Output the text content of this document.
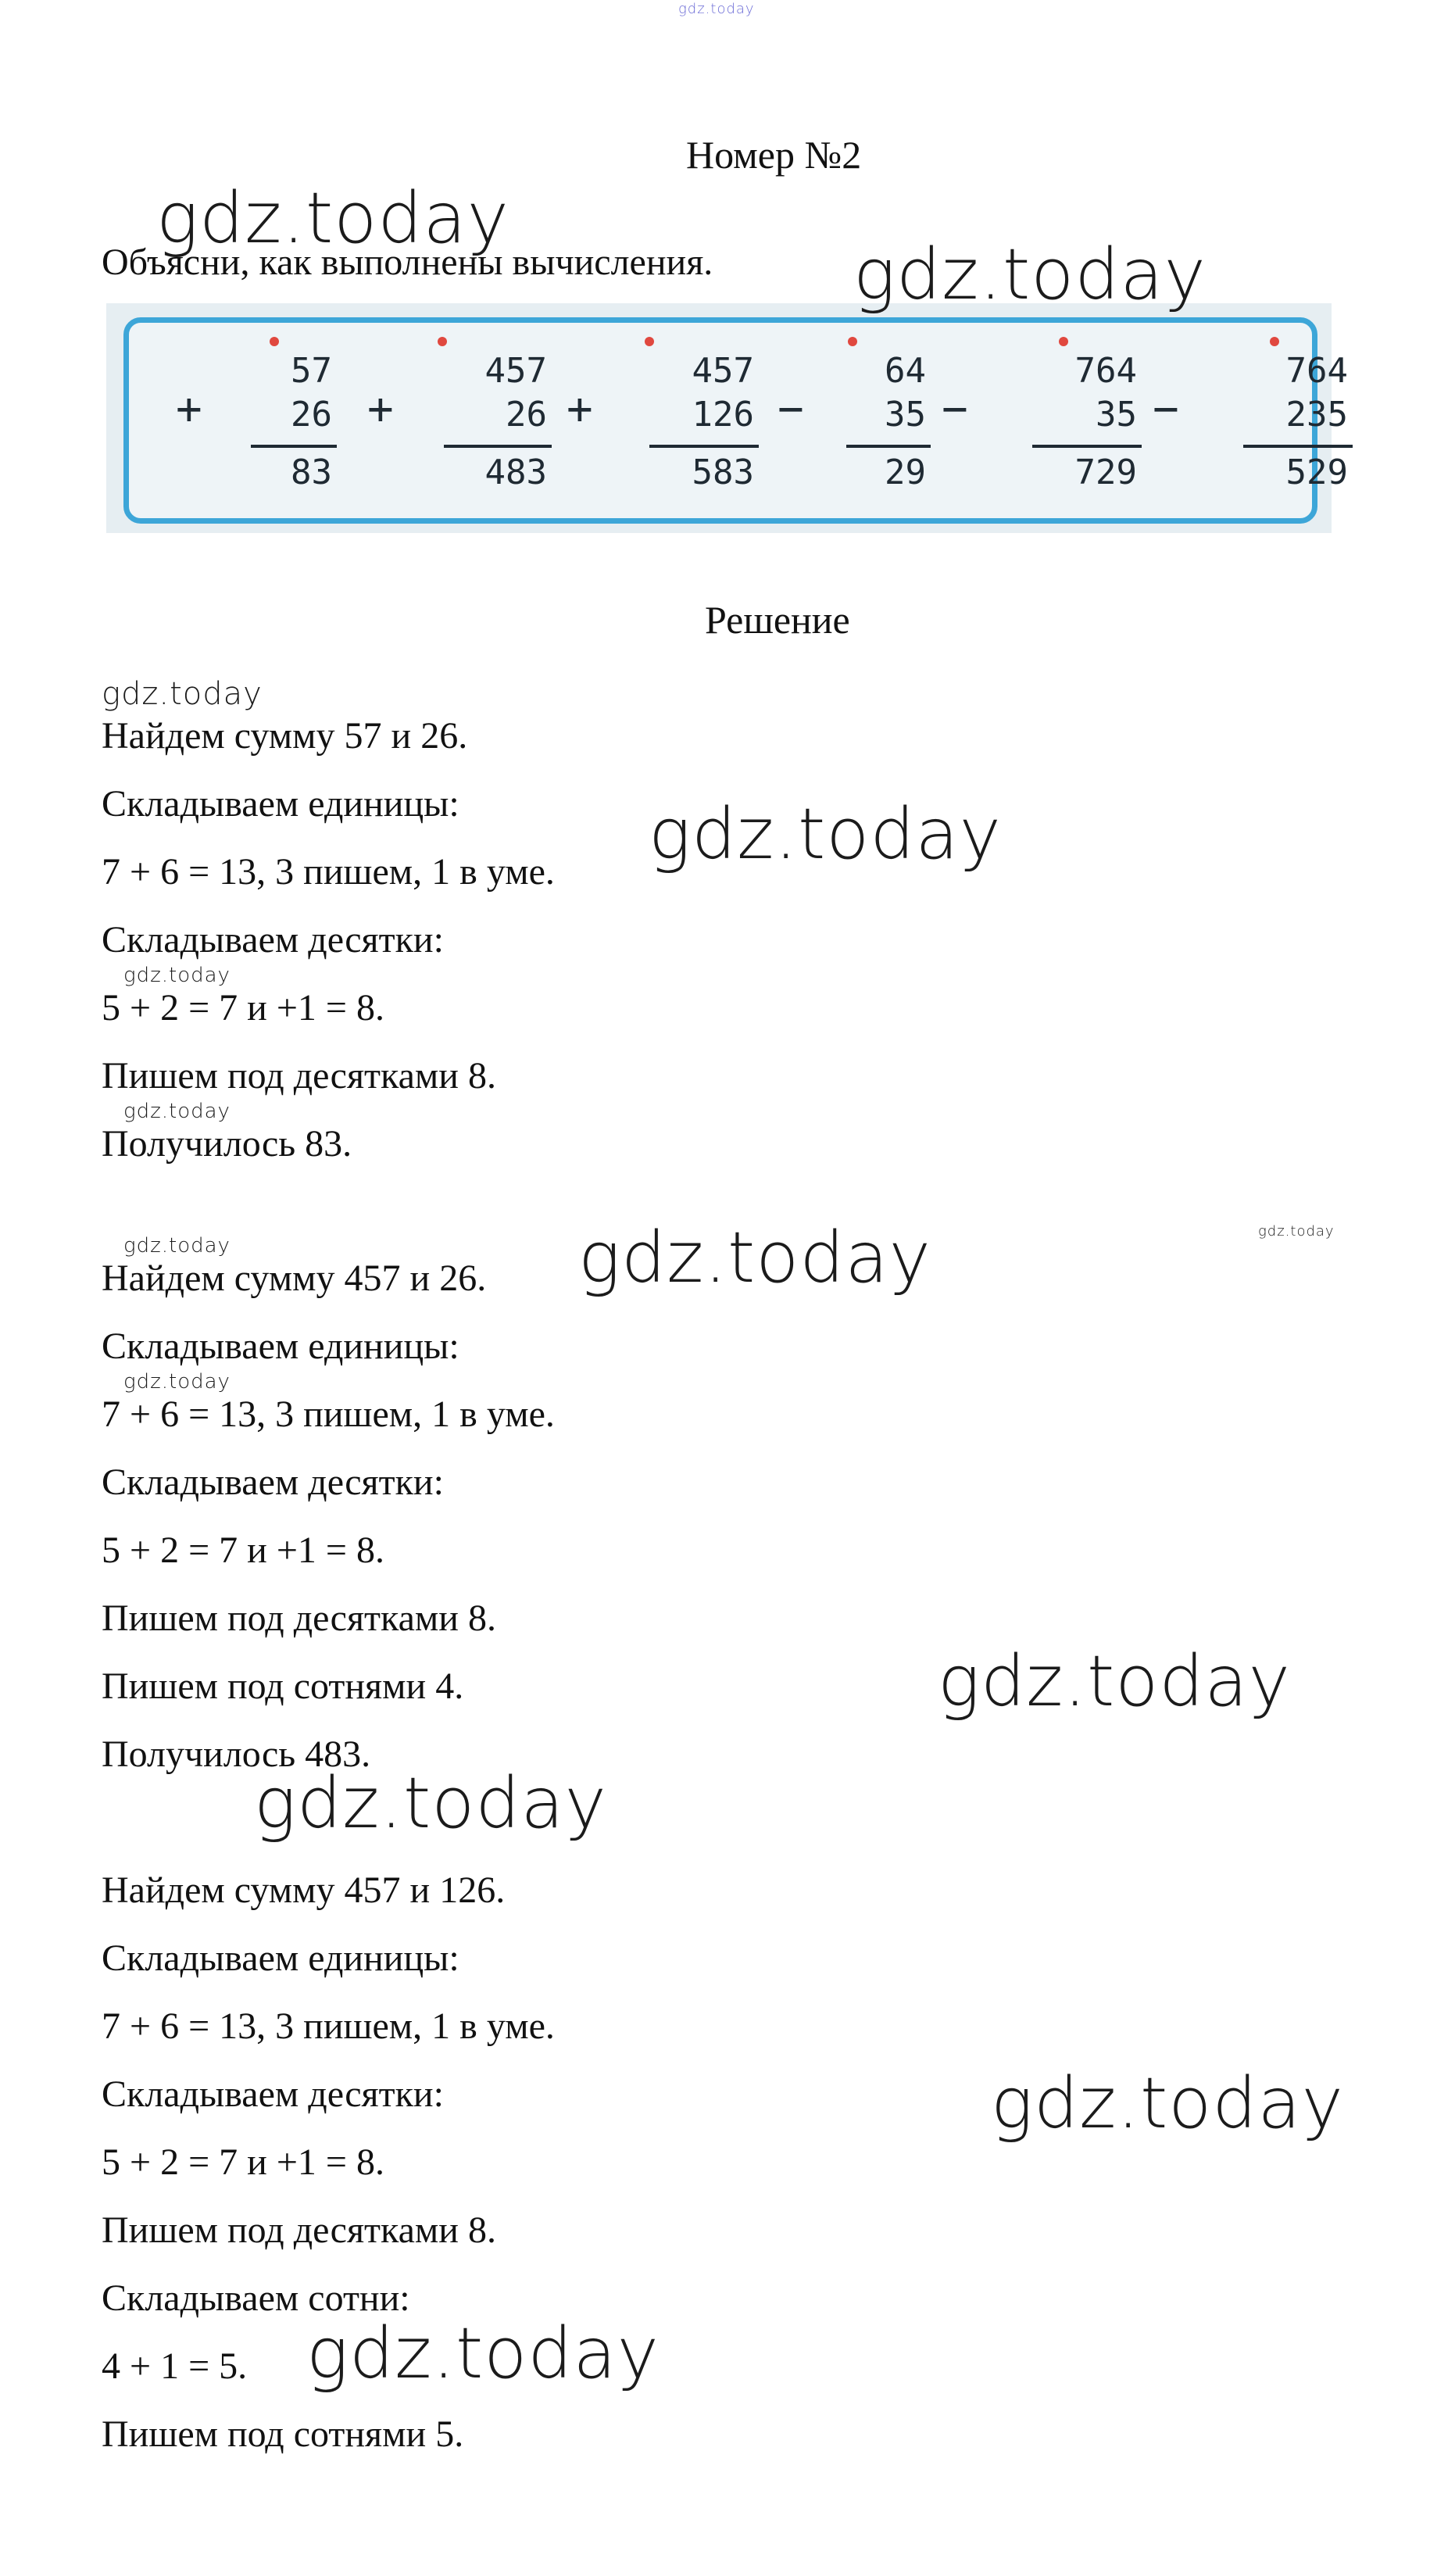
gdz.today
Номер №2
Объясни, как выполнены вычисления.
+
57
26
83
+
457
26
483
+
457
126
583
−
64
35
29
−
764
35
729
−
764
235
529
Решение
Найдем сумму 57 и 26.
Складываем единицы:
7 + 6 = 13, 3 пишем, 1 в уме.
Складываем десятки:
5 + 2 = 7 и +1 = 8.
Пишем под десятками 8.
Получилось 83.
Найдем сумму 457 и 26.
Складываем единицы:
7 + 6 = 13, 3 пишем, 1 в уме.
Складываем десятки:
5 + 2 = 7 и +1 = 8.
Пишем под десятками 8.
Пишем под сотнями 4.
Получилось 483.
Найдем сумму 457 и 126.
Складываем единицы:
7 + 6 = 13, 3 пишем, 1 в уме.
Складываем десятки:
5 + 2 = 7 и +1 = 8.
Пишем под десятками 8.
Складываем сотни:
4 + 1 = 5.
Пишем под сотнями 5.
gdz.today
gdz.today
gdz.today
gdz.today
gdz.today
gdz.today
gdz.today
gdz.today
gdz.today
gdz.today
gdz.today
gdz.today
gdz.today
gdz.today
